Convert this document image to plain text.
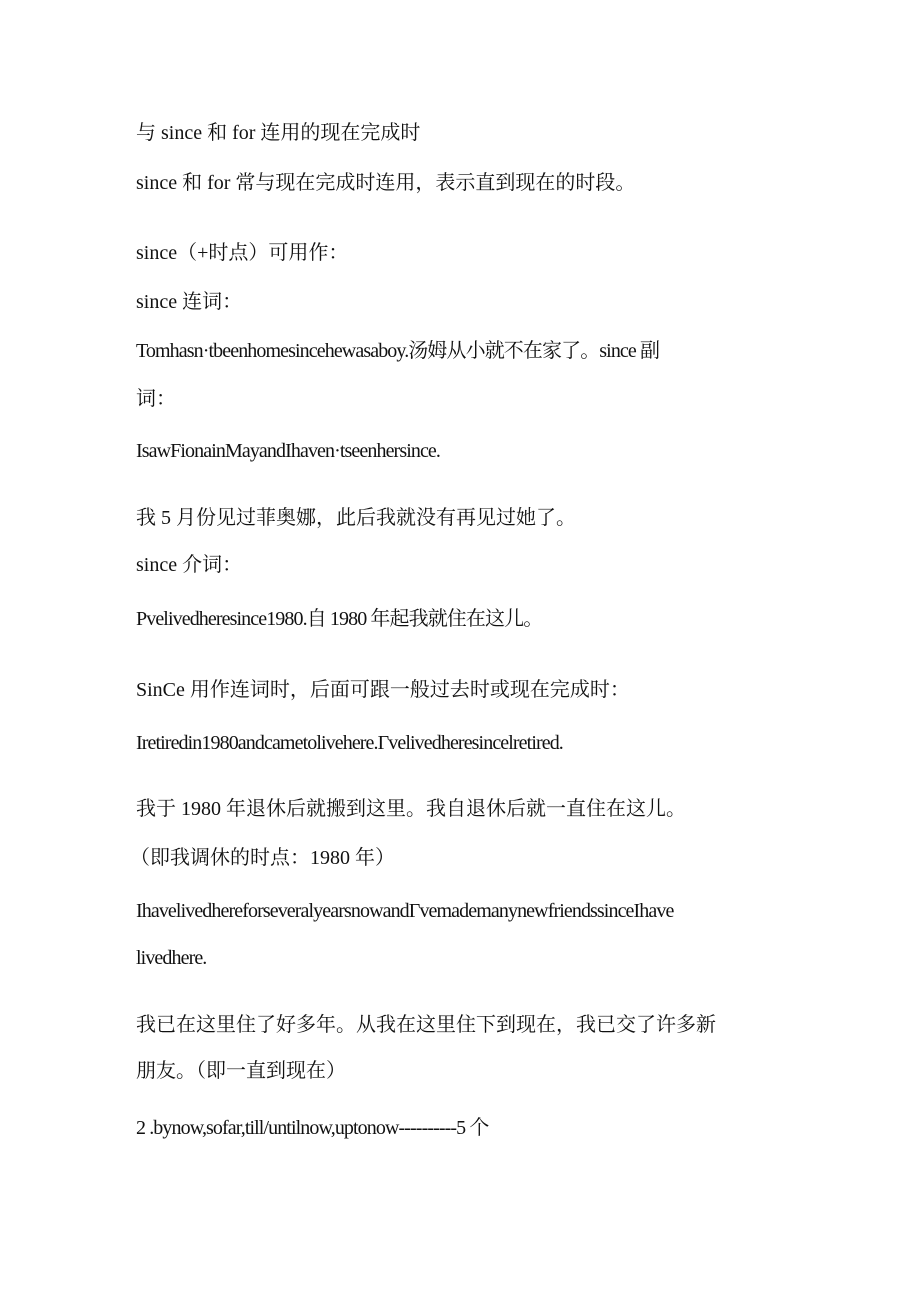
与 since 和 for 连用的现在完成时
since 和 for 常与现在完成时连用，表示直到现在的时段。
since（+时点）可用作：
since 连词：
Tomhasn·tbeenhomesincehewasaboy.汤姆从小就不在家了。since 副
词：
IsawFionainMayandIhaven·tseenhersince.
我 5 月份见过菲奥娜，此后我就没有再见过她了。
since 介词：
Pvelivedheresince1980.自 1980 年起我就住在这儿。
SinCe 用作连词时，后面可跟一般过去时或现在完成时：
Iretiredin1980andcametolivehere.Γvelivedheresincelretired.
我于 1980 年退休后就搬到这里。我自退休后就一直住在这儿。
（即我调休的时点：1980 年）
IhavelivedhereforseveralyearsnowandΓvemademanynewfriendssinceIhave
livedhere.
我已在这里住了好多年。从我在这里住下到现在，我已交了许多新
朋友。（即一直到现在）
2 .bynow,sofar,till/untilnow,uptonow----------5 个
